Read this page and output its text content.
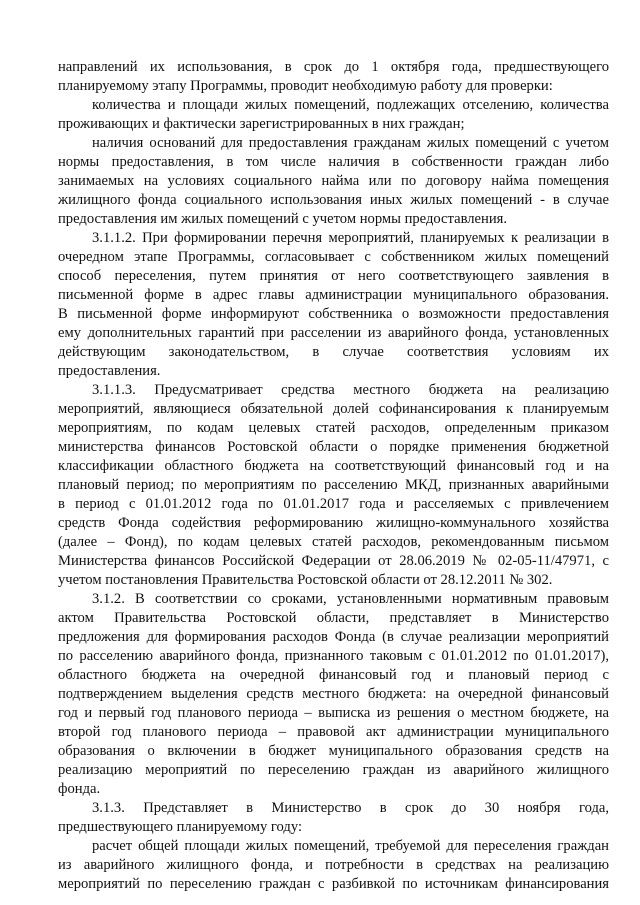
направлений их использования, в срок до 1 октября года, предшествующего
планируемому этапу Программы, проводит необходимую работу для проверки:
количества и площади жилых помещений, подлежащих отселению, количества
проживающих и фактически зарегистрированных в них граждан;
наличия оснований для предоставления гражданам жилых помещений с учетом
нормы предоставления, в том числе наличия в собственности граждан либо
занимаемых на условиях социального найма или по договору найма помещения
жилищного фонда социального использования иных жилых помещений - в случае
предоставления им жилых помещений с учетом нормы предоставления.
3.1.1.2. При формировании перечня мероприятий, планируемых к реализации в
очередном этапе Программы, согласовывает с собственником жилых помещений
способ переселения, путем принятия от него соответствующего заявления в
письменной форме в адрес главы администрации муниципального образования.
В письменной форме информируют собственника о возможности предоставления
ему дополнительных гарантий при расселении из аварийного фонда, установленных
действующим законодательством, в случае соответствия условиям их
предоставления.
3.1.1.3. Предусматривает средства местного бюджета на реализацию
мероприятий, являющиеся обязательной долей софинансирования к планируемым
мероприятиям, по кодам целевых статей расходов, определенным приказом
министерства финансов Ростовской области о порядке применения бюджетной
классификации областного бюджета на соответствующий финансовый год и на
плановый период; по мероприятиям по расселению МКД, признанных аварийными
в период с 01.01.2012 года по 01.01.2017 года и расселяемых с привлечением
средств Фонда содействия реформированию жилищно-коммунального хозяйства
(далее – Фонд), по кодам целевых статей расходов, рекомендованным письмом
Министерства финансов Российской Федерации от 28.06.2019 № 02-05-11/47971, с
учетом постановления Правительства Ростовской области от 28.12.2011 № 302.
3.1.2. В соответствии со сроками, установленными нормативным правовым
актом Правительства Ростовской области, представляет в Министерство
предложения для формирования расходов Фонда (в случае реализации мероприятий
по расселению аварийного фонда, признанного таковым с 01.01.2012 по 01.01.2017),
областного бюджета на очередной финансовый год и плановый период с
подтверждением выделения средств местного бюджета: на очередной финансовый
год и первый год планового периода – выписка из решения о местном бюджете, на
второй год планового периода – правовой акт администрации муниципального
образования о включении в бюджет муниципального образования средств на
реализацию мероприятий по переселению граждан из аварийного жилищного
фонда.
3.1.3. Представляет в Министерство в срок до 30 ноября года,
предшествующего планируемому году:
расчет общей площади жилых помещений, требуемой для переселения граждан
из аварийного жилищного фонда, и потребности в средствах на реализацию
мероприятий по переселению граждан с разбивкой по источникам финансирования
